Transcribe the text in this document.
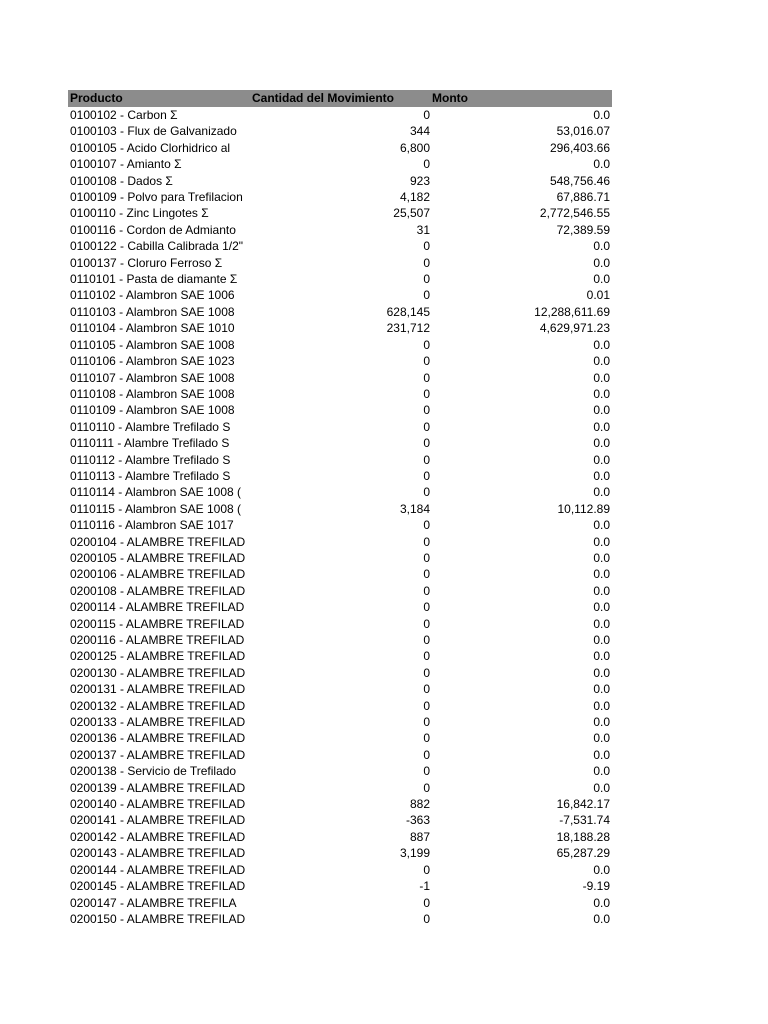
Producto	Cantidad del Movimiento	Monto
0100102 - Carbon Σ	0	0.0
0100103 - Flux de Galvanizado	344	53,016.07
0100105 - Acido Clorhidrico al	6,800	296,403.66
0100107 - Amianto Σ	0	0.0
0100108 - Dados Σ	923	548,756.46
0100109 - Polvo para Trefilacion	4,182	67,886.71
0100110 - Zinc Lingotes Σ	25,507	2,772,546.55
0100116 - Cordon de Admianto	31	72,389.59
0100122 - Cabilla Calibrada 1/2"	0	0.0
0100137 - Cloruro Ferroso Σ	0	0.0
0110101 - Pasta de diamante Σ	0	0.0
0110102 - Alambron SAE 1006	0	0.01
0110103 - Alambron SAE 1008	628,145	12,288,611.69
0110104 - Alambron SAE 1010	231,712	4,629,971.23
0110105 - Alambron SAE 1008	0	0.0
0110106 - Alambron SAE 1023	0	0.0
0110107 - Alambron SAE 1008	0	0.0
0110108 - Alambron SAE 1008	0	0.0
0110109 - Alambron SAE 1008	0	0.0
0110110 - Alambre Trefilado S	0	0.0
0110111 - Alambre Trefilado S	0	0.0
0110112 - Alambre Trefilado S	0	0.0
0110113 - Alambre Trefilado S	0	0.0
0110114 - Alambron SAE 1008 (	0	0.0
0110115 - Alambron SAE 1008 (	3,184	10,112.89
0110116 - Alambron SAE 1017	0	0.0
0200104 - ALAMBRE TREFILAD	0	0.0
0200105 - ALAMBRE TREFILAD	0	0.0
0200106 - ALAMBRE TREFILAD	0	0.0
0200108 - ALAMBRE TREFILAD	0	0.0
0200114 - ALAMBRE TREFILAD	0	0.0
0200115 - ALAMBRE TREFILAD	0	0.0
0200116 - ALAMBRE TREFILAD	0	0.0
0200125 - ALAMBRE TREFILAD	0	0.0
0200130 - ALAMBRE TREFILAD	0	0.0
0200131 - ALAMBRE TREFILAD	0	0.0
0200132 - ALAMBRE TREFILAD	0	0.0
0200133 - ALAMBRE TREFILAD	0	0.0
0200136 - ALAMBRE TREFILAD	0	0.0
0200137 - ALAMBRE TREFILAD	0	0.0
0200138 - Servicio de Trefilado	0	0.0
0200139 - ALAMBRE TREFILAD	0	0.0
0200140 - ALAMBRE TREFILAD	882	16,842.17
0200141 - ALAMBRE TREFILAD	-363	-7,531.74
0200142 - ALAMBRE TREFILAD	887	18,188.28
0200143 - ALAMBRE TREFILAD	3,199	65,287.29
0200144 - ALAMBRE TREFILAD	0	0.0
0200145 - ALAMBRE TREFILAD	-1	-9.19
0200147 - ALAMBRE TREFILA	0	0.0
0200150 - ALAMBRE TREFILAD	0	0.0
